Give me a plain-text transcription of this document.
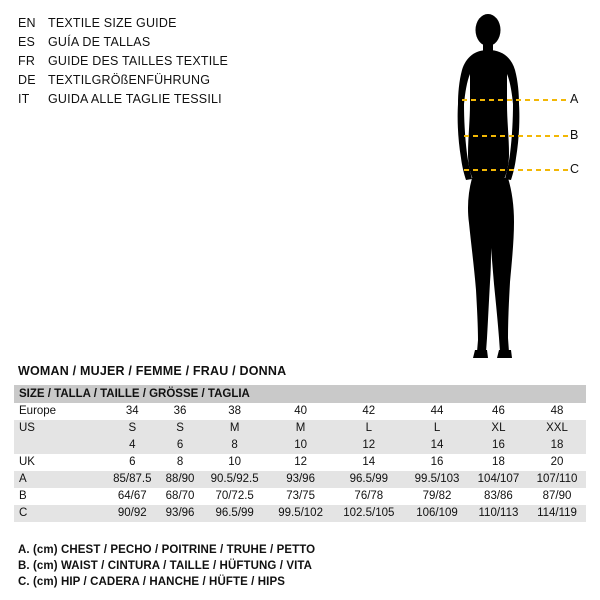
EN TEXTILE SIZE GUIDE
ES	GUÍA DE TALLAS
FR	GUIDE DES TAILLES TEXTILE
DE TEXTILGRÖßENFÜHRUNG
IT	GUIDA ALLE TAGLIE TESSILI	A
B
C
WOMAN / MUJER / FEMME / FRAU / DONNA
SIZE / TALLA / TAILLE / GRÖSSE / TAGLIA								
Europe	34	36	38	40	42	44	46	48
US	S	S	M	M	L	L	XL	XXL
	4	6	8	10	12	14	16	18
UK	6	8	10	12	14	16	18	20
A	85/87.5	88/90	90.5/92.5	93/96	96.5/99	99.5/103	104/107	107/110
B	64/67	68/70	70/72.5	73/75	76/78	79/82	83/86	87/90
C	90/92	93/96	96.5/99	99.5/102	102.5/105	106/109	110/113	114/119
A. (cm) CHEST / PECHO / POITRINE / TRUHE / PETTO
B. (cm) WAIST / CINTURA / TAILLE / HÜFTUNG / VITA
C. (cm) HIP / CADERA / HANCHE / HÜFTE / HIPS
